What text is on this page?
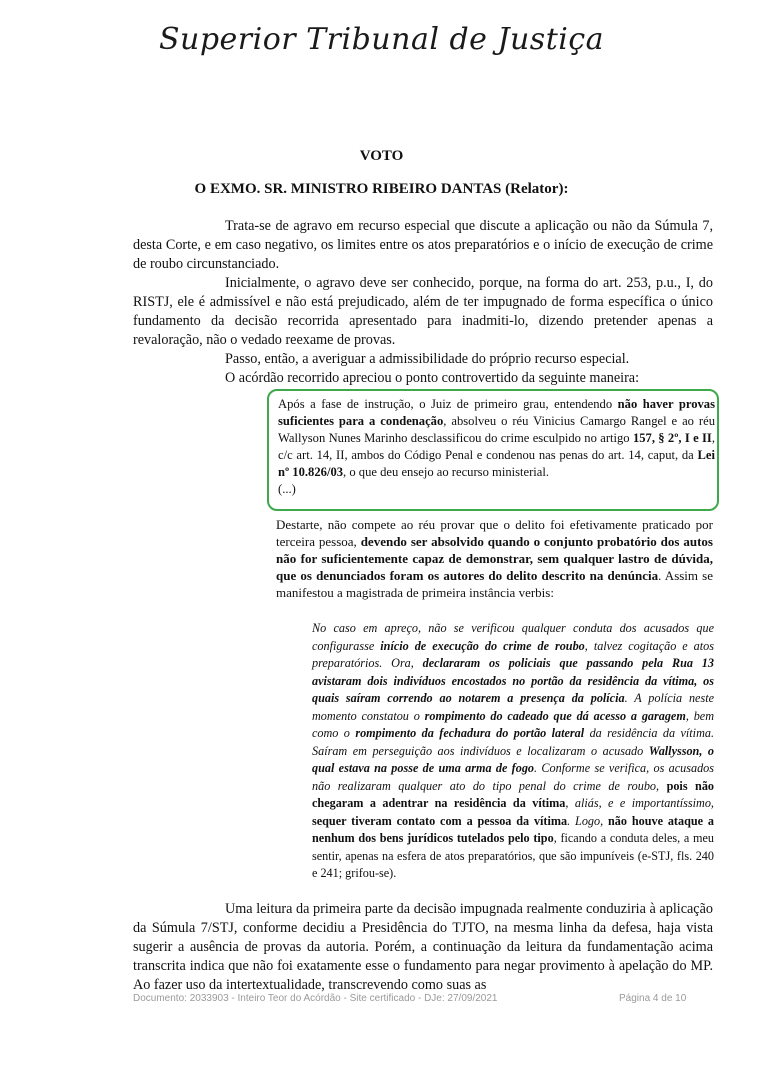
Superior Tribunal de Justiça
VOTO
O EXMO. SR. MINISTRO RIBEIRO DANTAS (Relator):

Trata-se de agravo em recurso especial que discute a aplicação ou não da Súmula 7, desta Corte, e em caso negativo, os limites entre os atos preparatórios e o início de execução de crime de roubo circunstanciado.

Inicialmente, o agravo deve ser conhecido, porque, na forma do art. 253, p.u., I, do RISTJ, ele é admissível e não está prejudicado, além de ter impugnado de forma específica o único fundamento da decisão recorrida apresentado para inadmiti-lo, dizendo pretender apenas a revaloração, não o vedado reexame de provas.

Passo, então, a averiguar a admissibilidade do próprio recurso especial.

O acórdão recorrido apreciou o ponto controvertido da seguinte maneira:

Após a fase de instrução, o Juiz de primeiro grau, entendendo não haver provas suficientes para a condenação, absolveu o réu Vinicius Camargo Rangel e ao réu Wallyson Nunes Marinho desclassificou do crime esculpido no artigo 157, § 2º, I e II, c/c art. 14, II, ambos do Código Penal e condenou nas penas do art. 14, caput, da Lei nº 10.826/03, o que deu ensejo ao recurso ministerial.

(...)

Destarte, não compete ao réu provar que o delito foi efetivamente praticado por terceira pessoa, devendo ser absolvido quando o conjunto probatório dos autos não for suficientemente capaz de demonstrar, sem qualquer lastro de dúvida, que os denunciados foram os autores do delito descrito na denúncia. Assim se manifestou a magistrada de primeira instância verbis:

No caso em apreço, não se verificou qualquer conduta dos acusados que configurasse início de execução do crime de roubo, talvez cogitação e atos preparatórios. Ora, declararam os policiais que passando pela Rua 13 avistaram dois indivíduos encostados no portão da residência da vítima, os quais saíram correndo ao notarem a presença da polícia. A polícia neste momento constatou o rompimento do cadeado que dá acesso a garagem, bem como o rompimento da fechadura do portão lateral da residência da vítima. Saíram em perseguição aos indivíduos e localizaram o acusado Wallysson, o qual estava na posse de uma arma de fogo. Conforme se verifica, os acusados não realizaram qualquer ato do tipo penal do crime de roubo, pois não chegaram a adentrar na residência da vítima, aliás, e e importantíssimo, sequer tiveram contato com a pessoa da vítima. Logo, não houve ataque a nenhum dos bens jurídicos tutelados pelo tipo, ficando a conduta deles, a meu sentir, apenas na esfera de atos preparatórios, que são impuníveis (e-STJ, fls. 240 e 241; grifou-se).

Uma leitura da primeira parte da decisão impugnada realmente conduziria à aplicação da Súmula 7/STJ, conforme decidiu a Presidência do TJTO, na mesma linha da defesa, haja vista sugerir a ausência de provas da autoria. Porém, a continuação da leitura da fundamentação acima transcrita indica que não foi exatamente esse o fundamento para negar provimento à apelação do MP. Ao fazer uso da intertextualidade, transcrevendo como suas as

Documento: 2033903 - Inteiro Teor do Acórdão - Site certificado - DJe: 27/09/2021	Página 4 de 10
